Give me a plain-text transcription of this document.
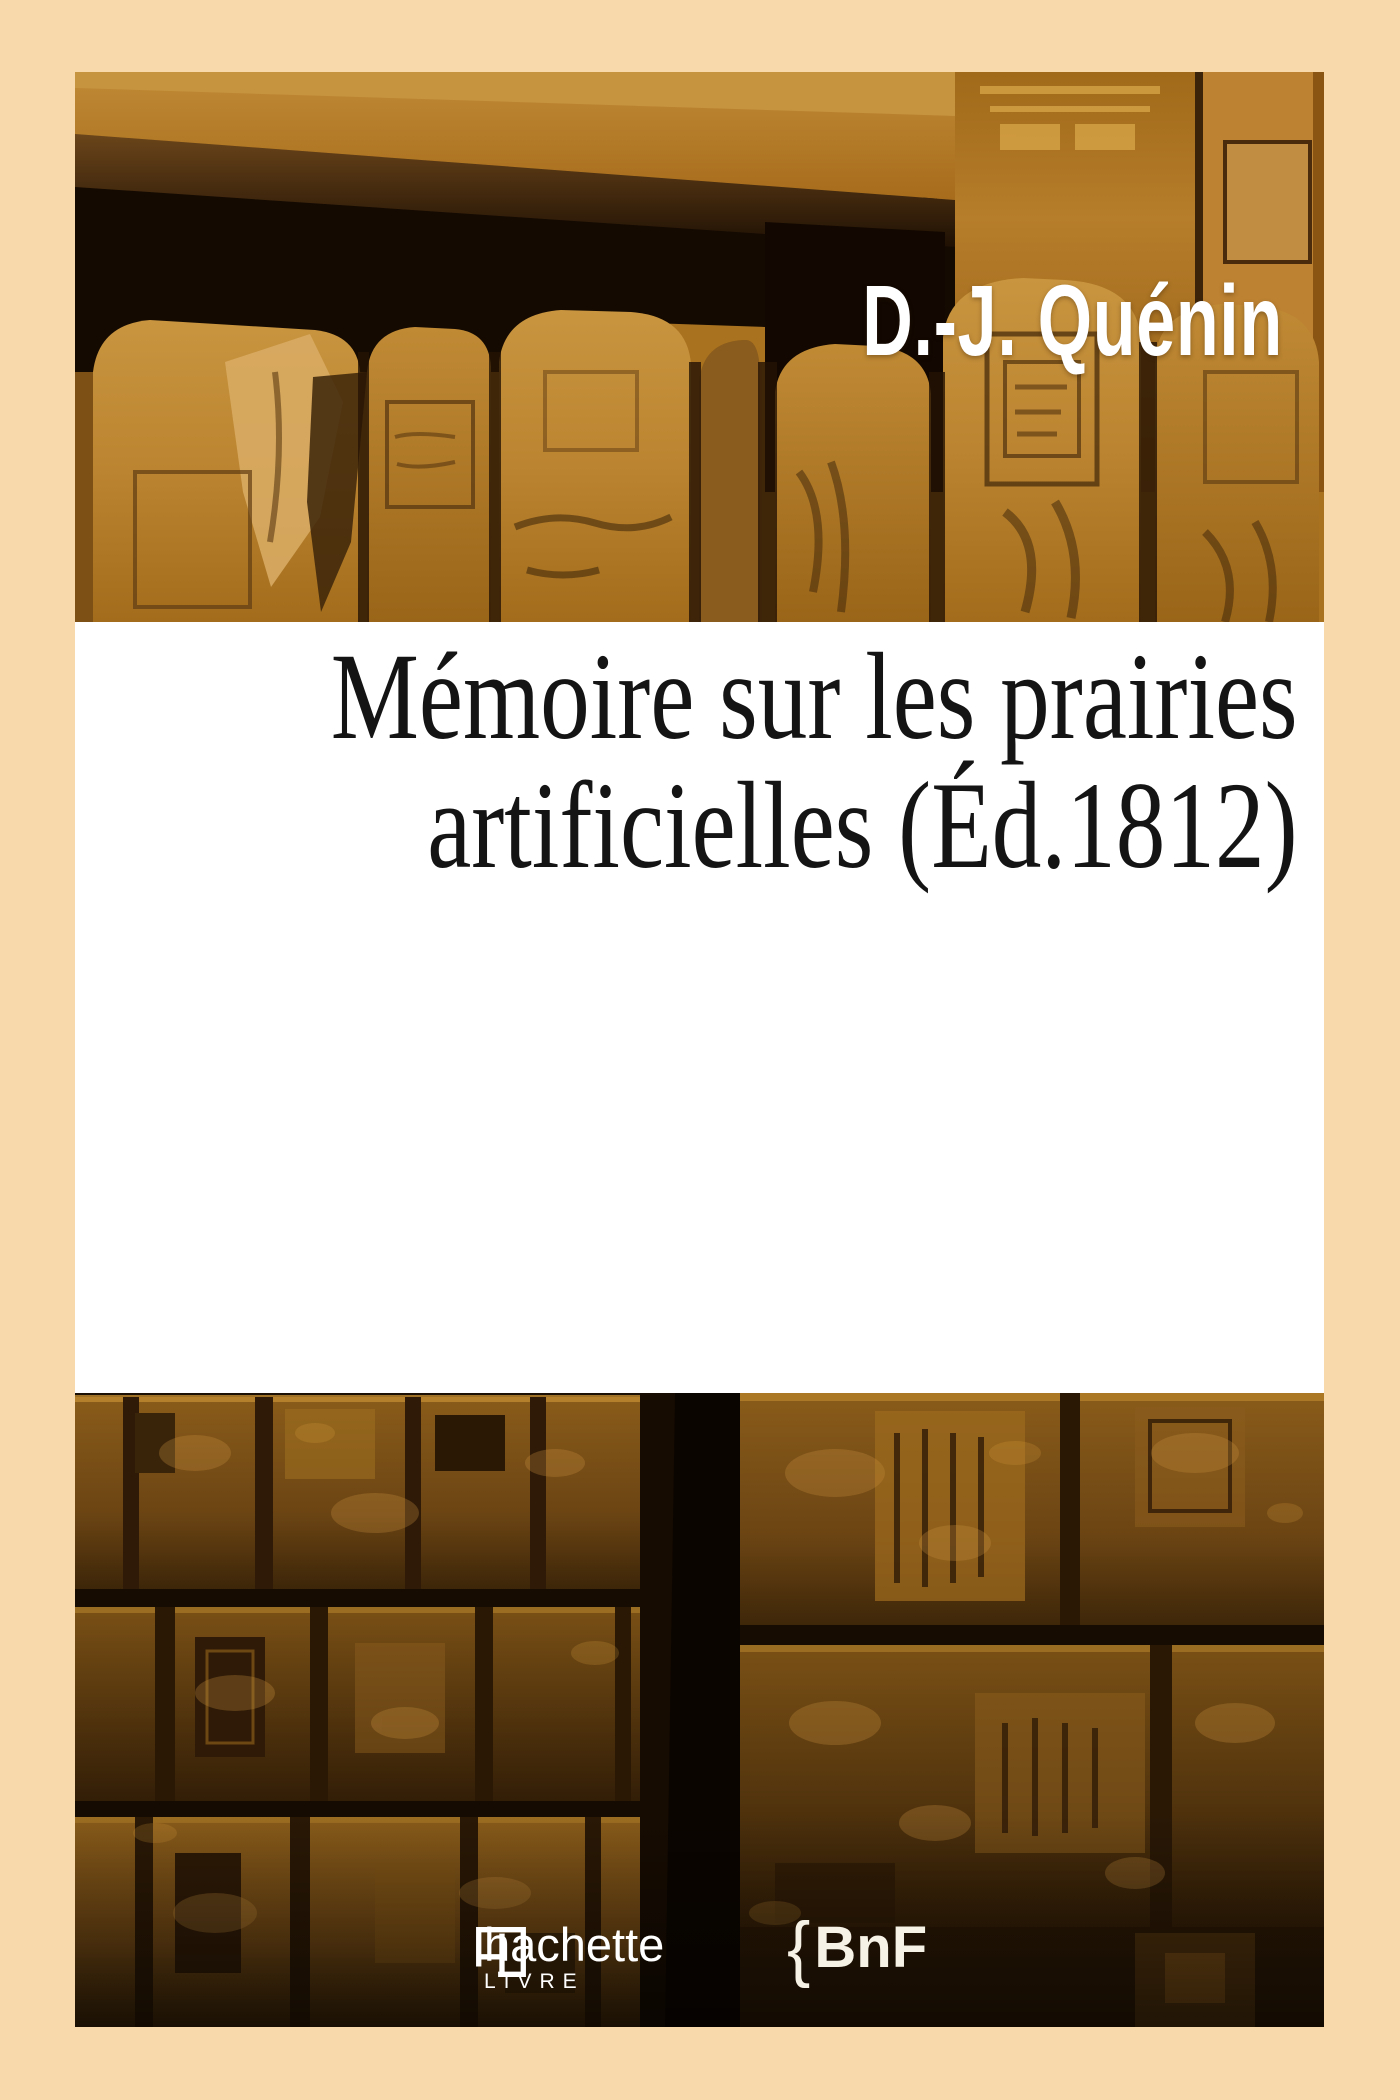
D.-J. Quénin
Mémoire sur les prairies
artificielles (Éd.1812)
hachette
LIVRE	{ BnF
